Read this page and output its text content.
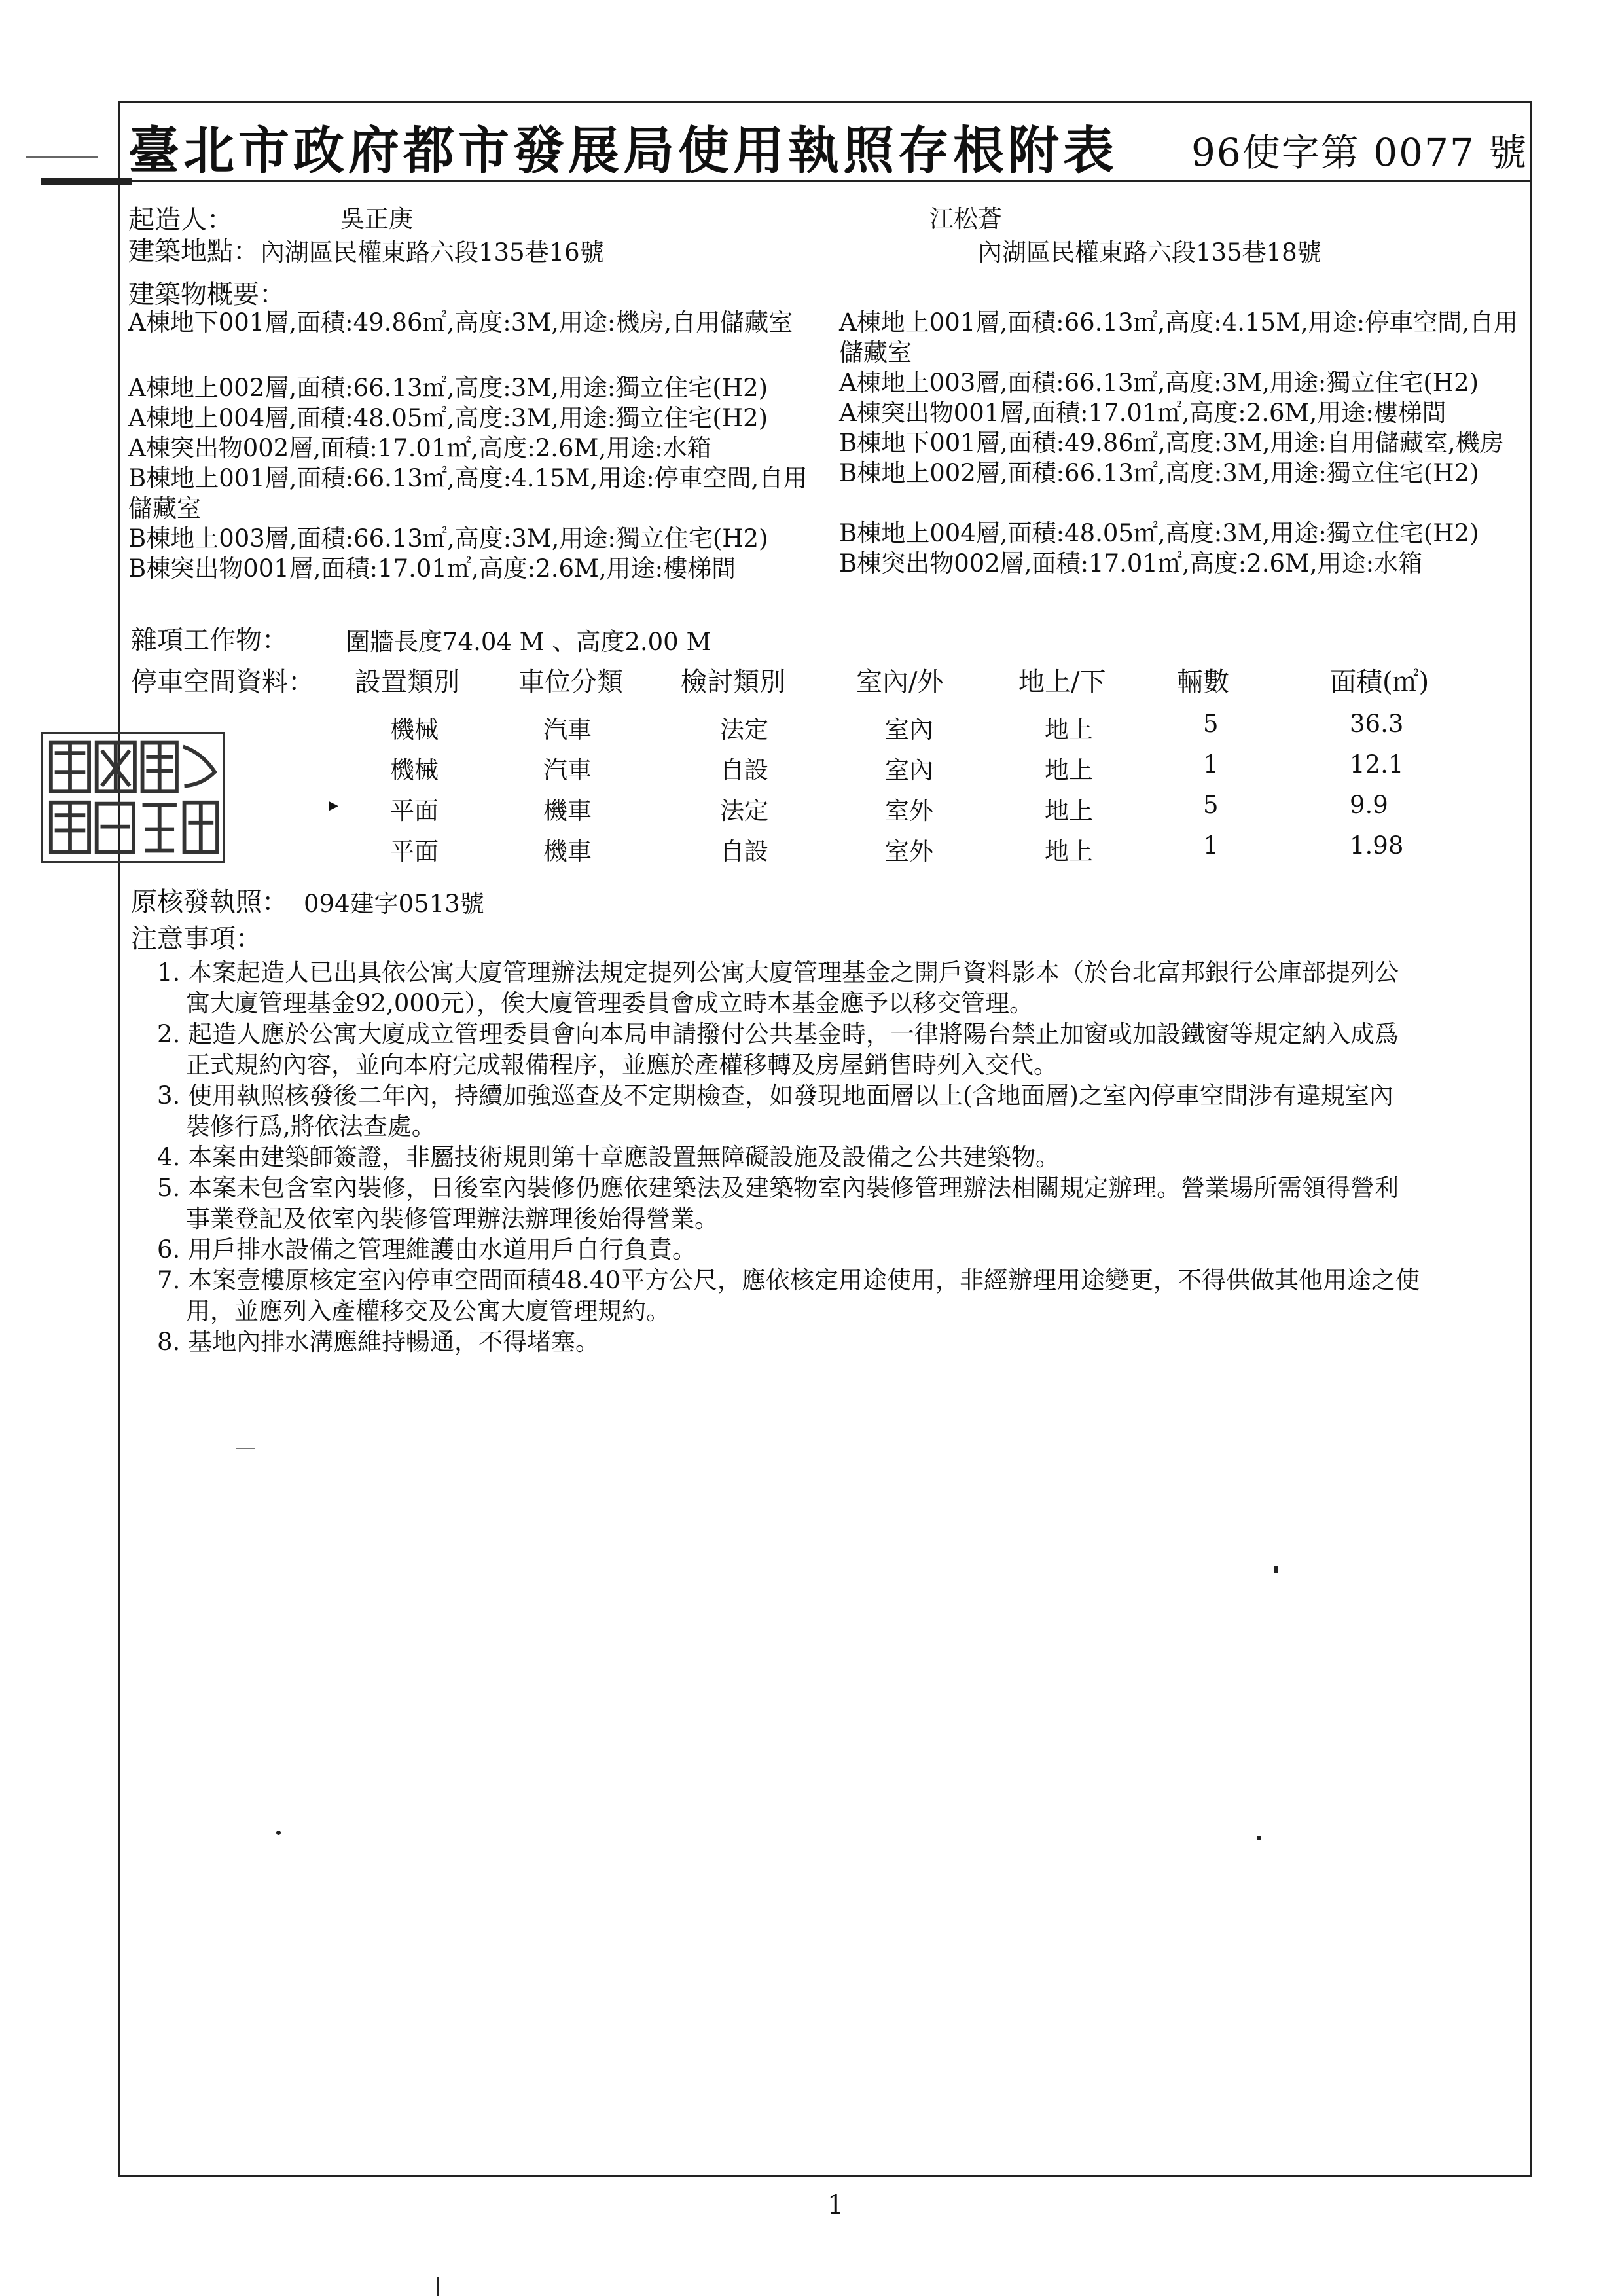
臺北市政府都市發展局使用執照存根附表 96使字第 0077 號
起造人：	吳正庚	江松蒼
建築地點： 內湖區民權東路六段135巷16號	內湖區民權東路六段135巷18號
建築物概要：
A棟地下001層,面積:49.86㎡,高度:3M,用途:機房,自用儲藏室
A棟地上002層,面積:66.13㎡,高度:3M,用途:獨立住宅(H2)
A棟地上004層,面積:48.05㎡,高度:3M,用途:獨立住宅(H2)
A棟突出物002層,面積:17.01㎡,高度:2.6M,用途:水箱
B棟地上001層,面積:66.13㎡,高度:4.15M,用途:停車空間,自用
儲藏室
B棟地上003層,面積:66.13㎡,高度:3M,用途:獨立住宅(H2)
B棟突出物001層,面積:17.01㎡,高度:2.6M,用途:樓梯間
A棟地上001層,面積:66.13㎡,高度:4.15M,用途:停車空間,自用
儲藏室
A棟地上003層,面積:66.13㎡,高度:3M,用途:獨立住宅(H2)
A棟突出物001層,面積:17.01㎡,高度:2.6M,用途:樓梯間
B棟地下001層,面積:49.86㎡,高度:3M,用途:自用儲藏室,機房
B棟地上002層,面積:66.13㎡,高度:3M,用途:獨立住宅(H2)
B棟地上004層,面積:48.05㎡,高度:3M,用途:獨立住宅(H2)
B棟突出物002層,面積:17.01㎡,高度:2.6M,用途:水箱
雜項工作物： 圍牆長度74.04 M 、高度2.00 M
停車空間資料： 設置類別 車位分類 檢討類別	室內/外	地上/下	輛數	面積(㎡)
機械	汽車	法定	室內	地上	5	36.3
機械	汽車	自設	室內	地上	1	12.1
平面	機車	法定	室外	地上	5	9.9
平面	機車	自設	室外	地上	1	1.98
▸
原核發執照： 094建字0513號
注意事項：
1. 本案起造人已出具依公寓大廈管理辦法規定提列公寓大廈管理基金之開戶資料影本（於台北富邦銀行公庫部提列公
寓大廈管理基金92,000元），俟大廈管理委員會成立時本基金應予以移交管理。
2. 起造人應於公寓大廈成立管理委員會向本局申請撥付公共基金時，一律將陽台禁止加窗或加設鐵窗等規定納入成爲
正式規約內容，並向本府完成報備程序，並應於產權移轉及房屋銷售時列入交代。
3. 使用執照核發後二年內，持續加強巡查及不定期檢查，如發現地面層以上(含地面層)之室內停車空間涉有違規室內
裝修行爲,將依法查處。
4. 本案由建築師簽證，非屬技術規則第十章應設置無障礙設施及設備之公共建築物。
5. 本案未包含室內裝修，日後室內裝修仍應依建築法及建築物室內裝修管理辦法相關規定辦理。營業場所需領得營利
事業登記及依室內裝修管理辦法辦理後始得營業。
6. 用戶排水設備之管理維護由水道用戶自行負責。
7. 本案壹樓原核定室內停車空間面積48.40平方公尺，應依核定用途使用，非經辦理用途變更，不得供做其他用途之使
用，並應列入產權移交及公寓大廈管理規約。
8. 基地內排水溝應維持暢通，不得堵塞。
1
